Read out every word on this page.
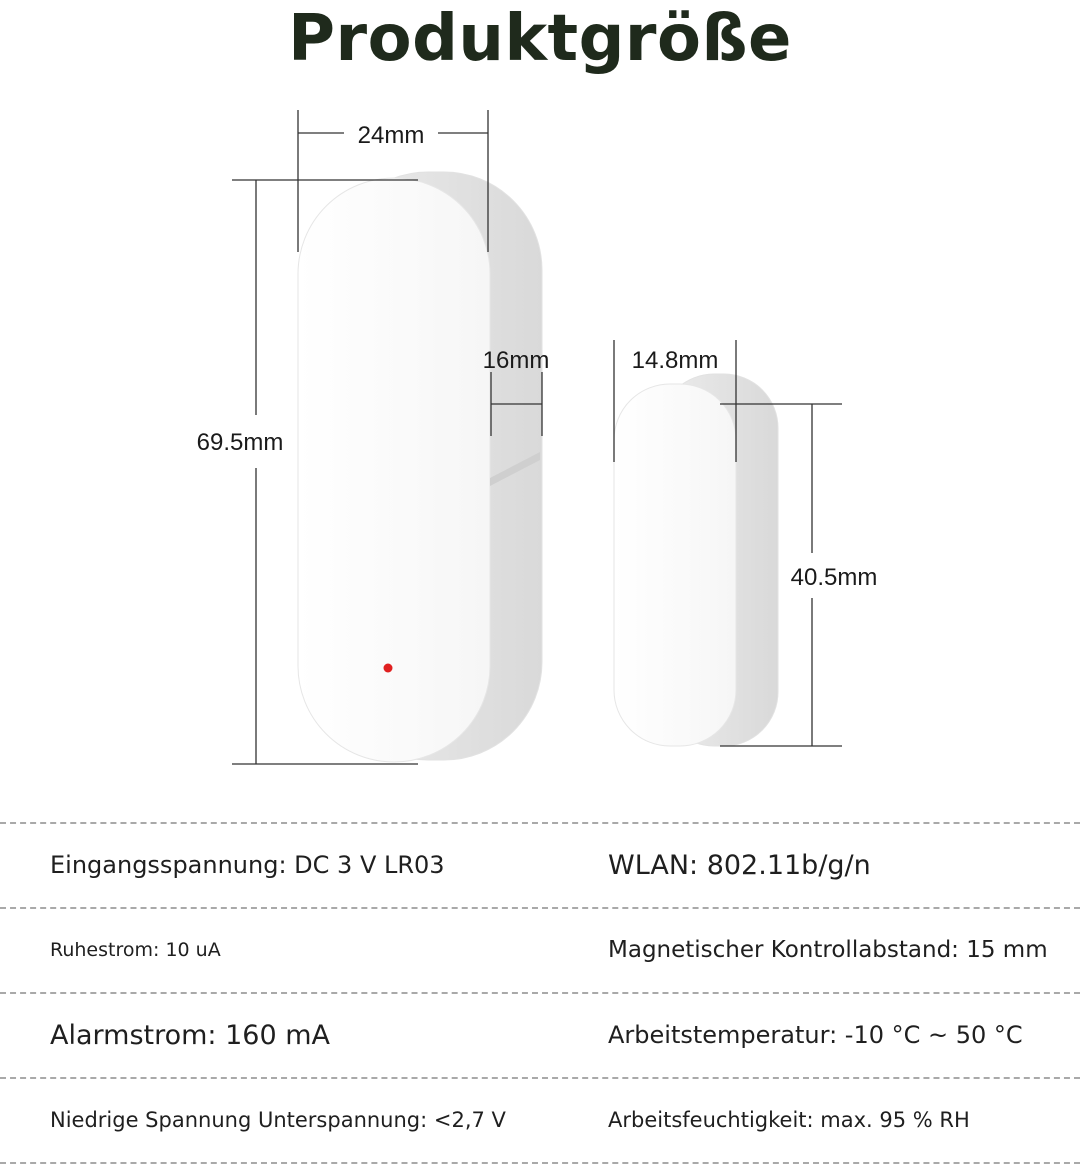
Produktgröße
24mm
69.5mm
16mm	14.8mm
40.5mm
Eingangsspannung: DC 3 V LR03	WLAN: 802.11b/g/n
Ruhestrom: 10 uA	Magnetischer Kontrollabstand: 15 mm
Alarmstrom: 160 mA	Arbeitstemperatur: -10 °C ~ 50 °C
Niedrige Spannung Unterspannung: <2,7 V	Arbeitsfeuchtigkeit: max. 95 % RH
